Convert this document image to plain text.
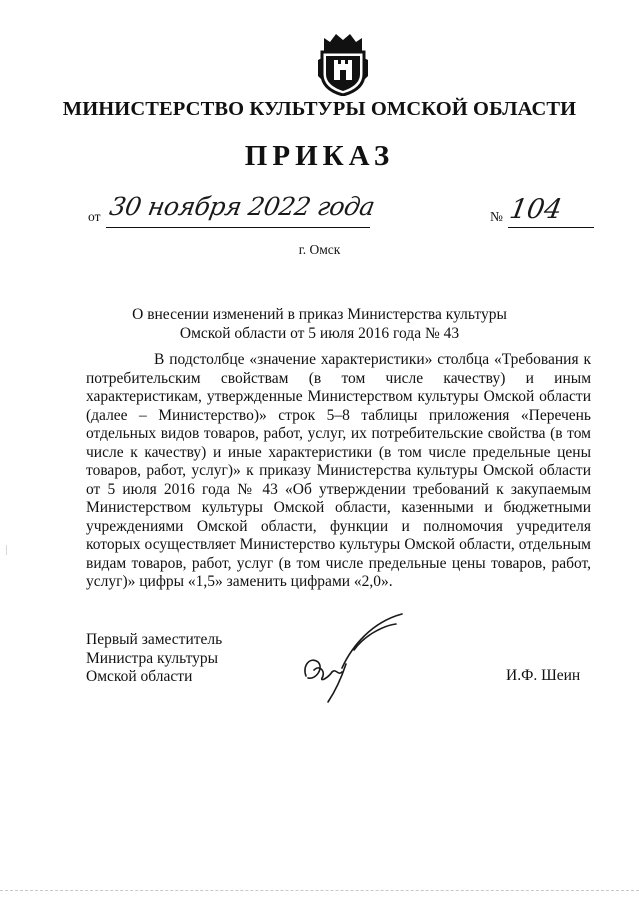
МИНИСТЕРСТВО КУЛЬТУРЫ ОМСКОЙ ОБЛАСТИ
ПРИКАЗ
от 30 ноября 2022 года	№ 104
г. Омск
О внесении изменений в приказ Министерства культуры
Омской области от 5 июля 2016 года № 43

В подстолбце «значение характеристики» столбца «Требования к потребительским свойствам (в том числе качеству) и иным характеристикам, утвержденные Министерством культуры Омской области (далее – Министерство)» строк 5–8 таблицы приложения «Перечень отдельных видов товаров, работ, услуг, их потребительские свойства (в том числе к качеству) и иные характеристики (в том числе предельные цены товаров, работ, услуг)» к приказу Министерства культуры Омской области от 5 июля 2016 года № 43 «Об утверждении требований к закупаемым Министерством культуры Омской области, казенными и бюджетными учреждениями Омской области, функции и полномочия учредителя которых осуществляет Министерство культуры Омской области, отдельным видам товаров, работ, услуг (в том числе предельные цены товаров, работ, услуг)» цифры «1,5» заменить цифрами «2,0».

Первый заместитель
Министра культуры
Омской области	И.Ф. Шеин
